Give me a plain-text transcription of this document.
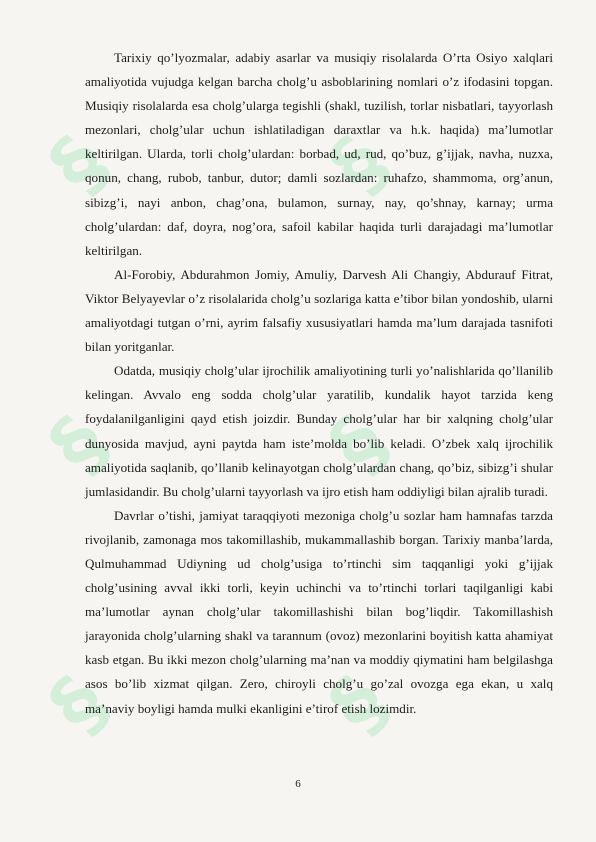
§ §
§ §
§ §

Tarixiy qo’lyozmalar, adabiy asarlar va musiqiy risolalarda O’rta Osiyo xalqlari amaliyotida vujudga kelgan barcha cholg’u asboblarining nomlari o’z ifodasini topgan. Musiqiy risolalarda esa cholg’ularga tegishli (shakl, tuzilish, torlar nisbatlari, tayyorlash mezonlari, cholg’ular uchun ishlatiladigan daraxtlar va h.k. haqida) ma’lumotlar keltirilgan. Ularda, torli cholg’ulardan: borbad, ud, rud, qo’buz, g’ijjak, navha, nuzxa, qonun, chang, rubob, tanbur, dutor; damli sozlardan: ruhafzo, shammoma, org’anun, sibizg’i, nayi anbon, chag’ona, bulamon, surnay, nay, qo’shnay, karnay; urma cholg’ulardan: daf, doyra, nog’ora, safoil kabilar haqida turli darajadagi ma’lumotlar keltirilgan.

Al-Forobiy, Abdurahmon Jomiy, Amuliy, Darvesh Ali Changiy, Abdurauf Fitrat, Viktor Belyayevlar o’z risolalarida cholg’u sozlariga katta e’tibor bilan yondoshib, ularni amaliyotdagi tutgan o’rni, ayrim falsafiy xususiyatlari hamda ma’lum darajada tasnifoti bilan yoritganlar.

Odatda, musiqiy cholg’ular ijrochilik amaliyotining turli yo’nalishlarida qo’llanilib kelingan. Avvalo eng sodda cholg’ular yaratilib, kundalik hayot tarzida keng foydalanilganligini qayd etish joizdir. Bunday cholg’ular har bir xalqning cholg’ular dunyosida mavjud, ayni paytda ham iste’molda bo’lib keladi. O’zbek xalq ijrochilik amaliyotida saqlanib, qo’llanib kelinayotgan cholg’ulardan chang, qo’biz, sibizg’i shular jumlasidandir. Bu cholg’ularni tayyorlash va ijro etish ham oddiyligi bilan ajralib turadi.

Davrlar o’tishi, jamiyat taraqqiyoti mezoniga cholg’u sozlar ham hamnafas tarzda rivojlanib, zamonaga mos takomillashib, mukammallashib borgan. Tarixiy manba’larda, Qulmuhammad Udiyning ud cholg’usiga to’rtinchi sim taqqanligi yoki g’ijjak cholg’usining avval ikki torli, keyin uchinchi va to’rtinchi torlari taqilganligi kabi ma’lumotlar aynan cholg’ular takomillashishi bilan bog’liqdir. Takomillashish jarayonida cholg’ularning shakl va tarannum (ovoz) mezonlarini boyitish katta ahamiyat kasb etgan. Bu ikki mezon cholg’ularning ma’nan va moddiy qiymatini ham belgilashga asos bo’lib xizmat qilgan. Zero, chiroyli cholg’u go’zal ovozga ega ekan, u xalq ma’naviy boyligi hamda mulki ekanligini e’tirof etish lozimdir.

6
